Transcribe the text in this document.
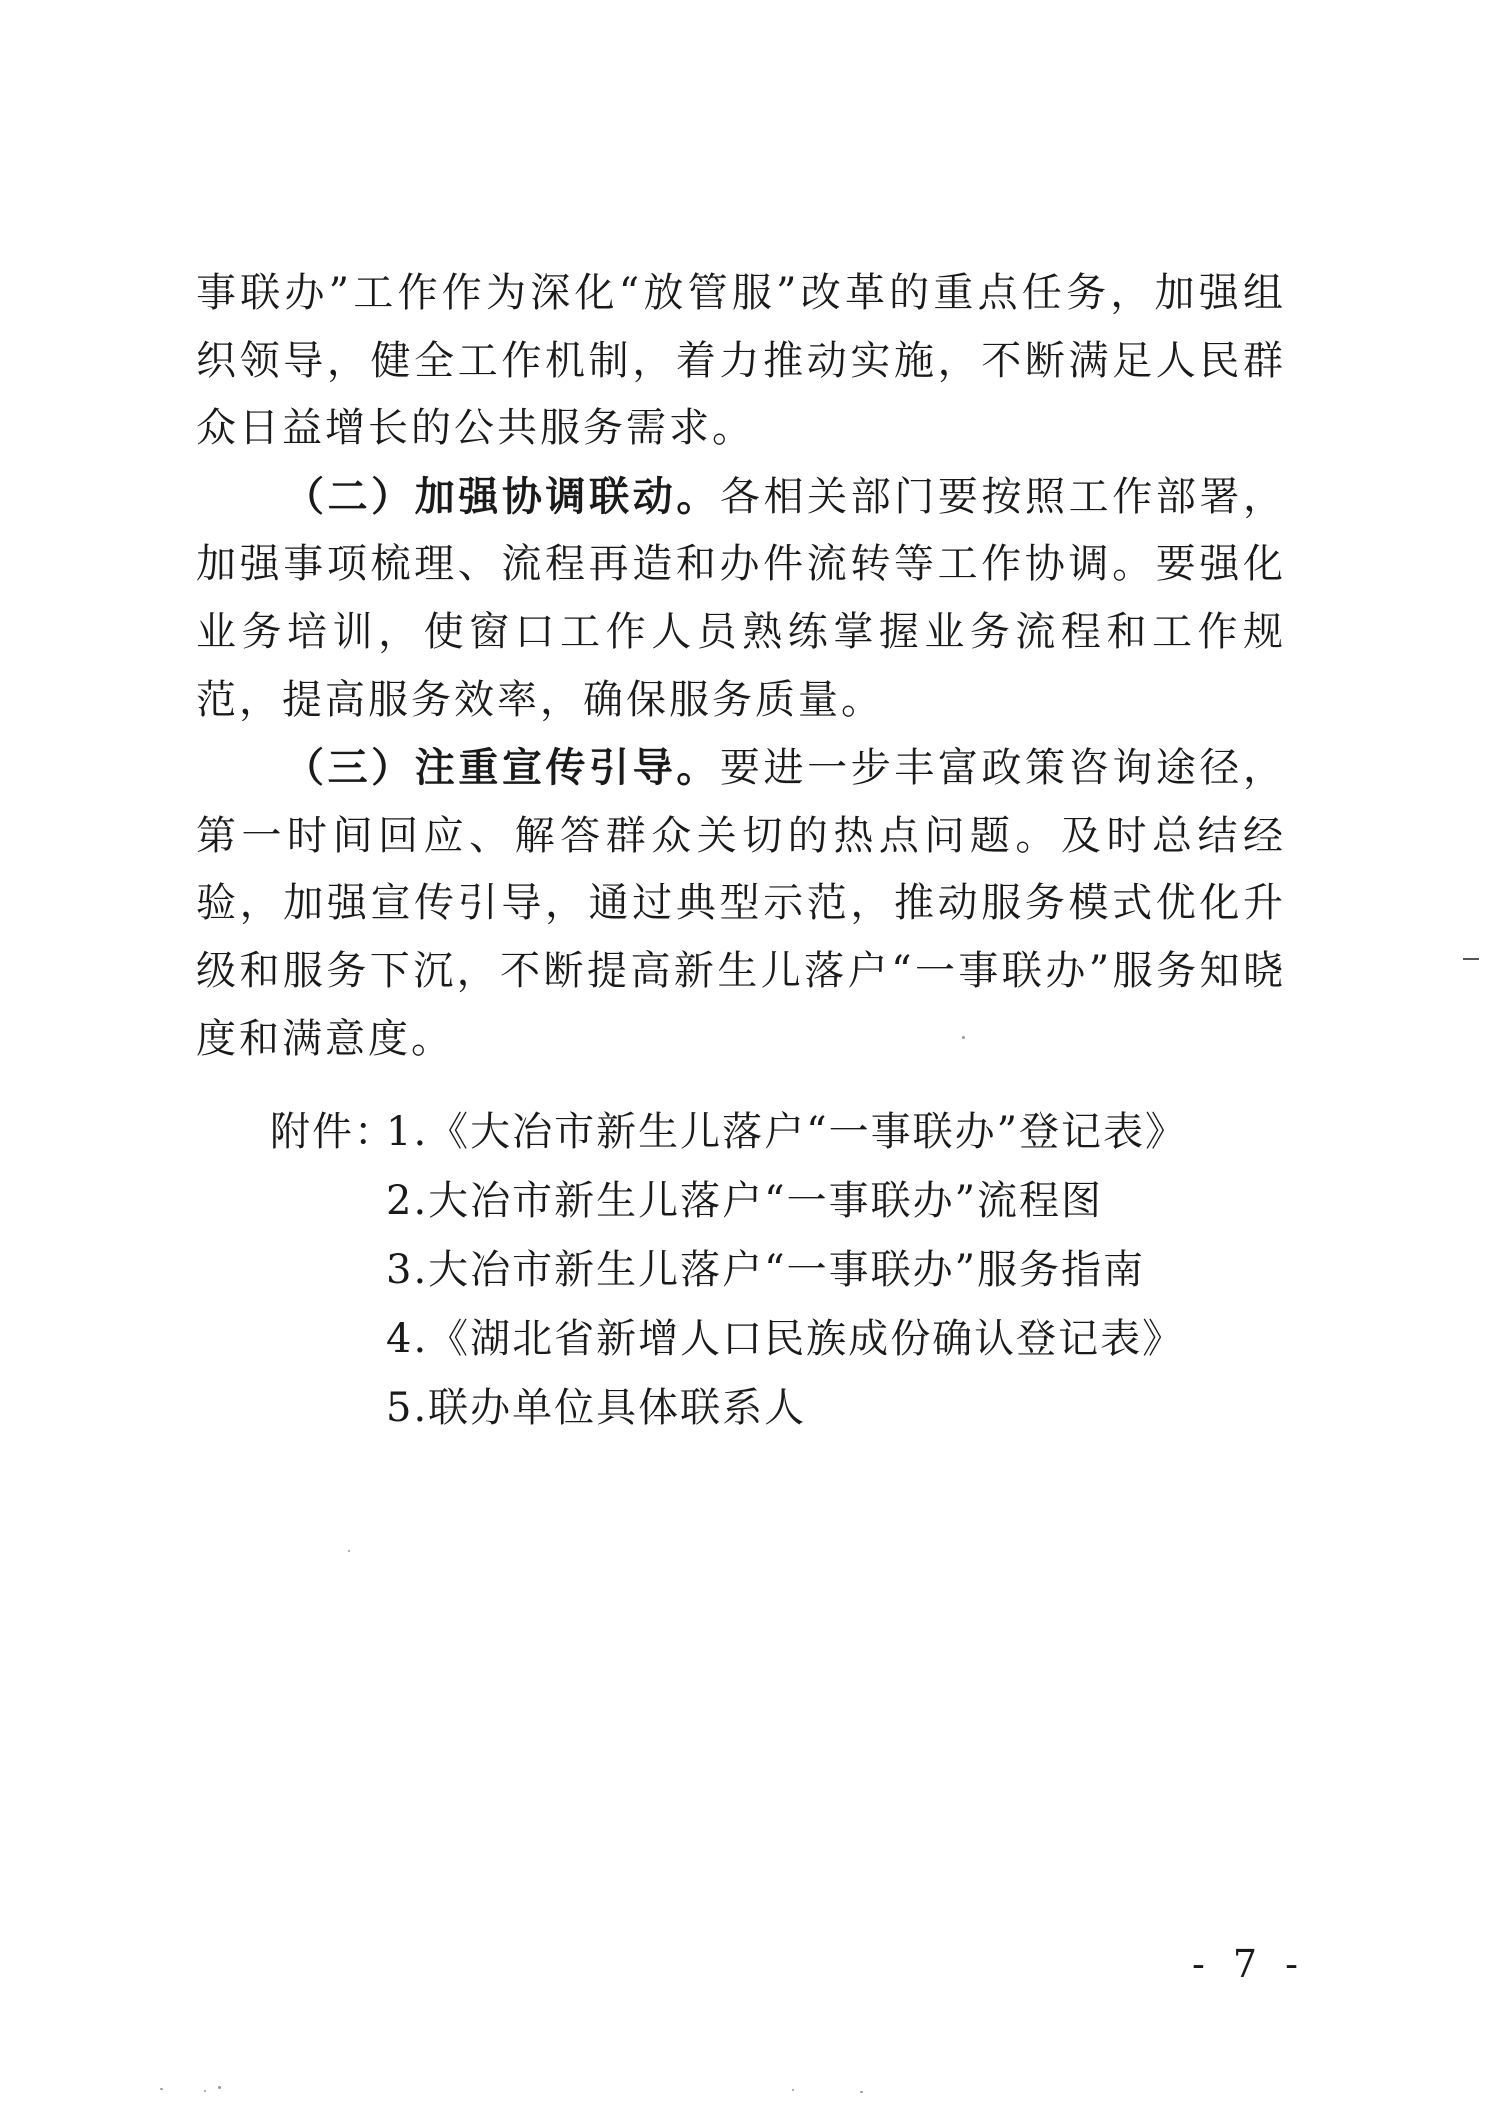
事联办”工作作为深化“放管服”改革的重点任务，加强组织领导，健全工作机制，着力推动实施，不断满足人民群众日益增长的公共服务需求。

（二）加强协调联动。各相关部门要按照工作部署，加强事项梳理、流程再造和办件流转等工作协调。要强化业务培训，使窗口工作人员熟练掌握业务流程和工作规范，提高服务效率，确保服务质量。

（三）注重宣传引导。要进一步丰富政策咨询途径，第一时间回应、解答群众关切的热点问题。及时总结经验，加强宣传引导，通过典型示范，推动服务模式优化升级和服务下沉，不断提高新生儿落户“一事联办”服务知晓度和满意度。

附件：
1.《大冶市新生儿落户“一事联办”登记表》
2.大冶市新生儿落户“一事联办”流程图
3.大冶市新生儿落户“一事联办”服务指南
4.《湖北省新增人口民族成份确认登记表》
5.联办单位具体联系人
- 7 -
